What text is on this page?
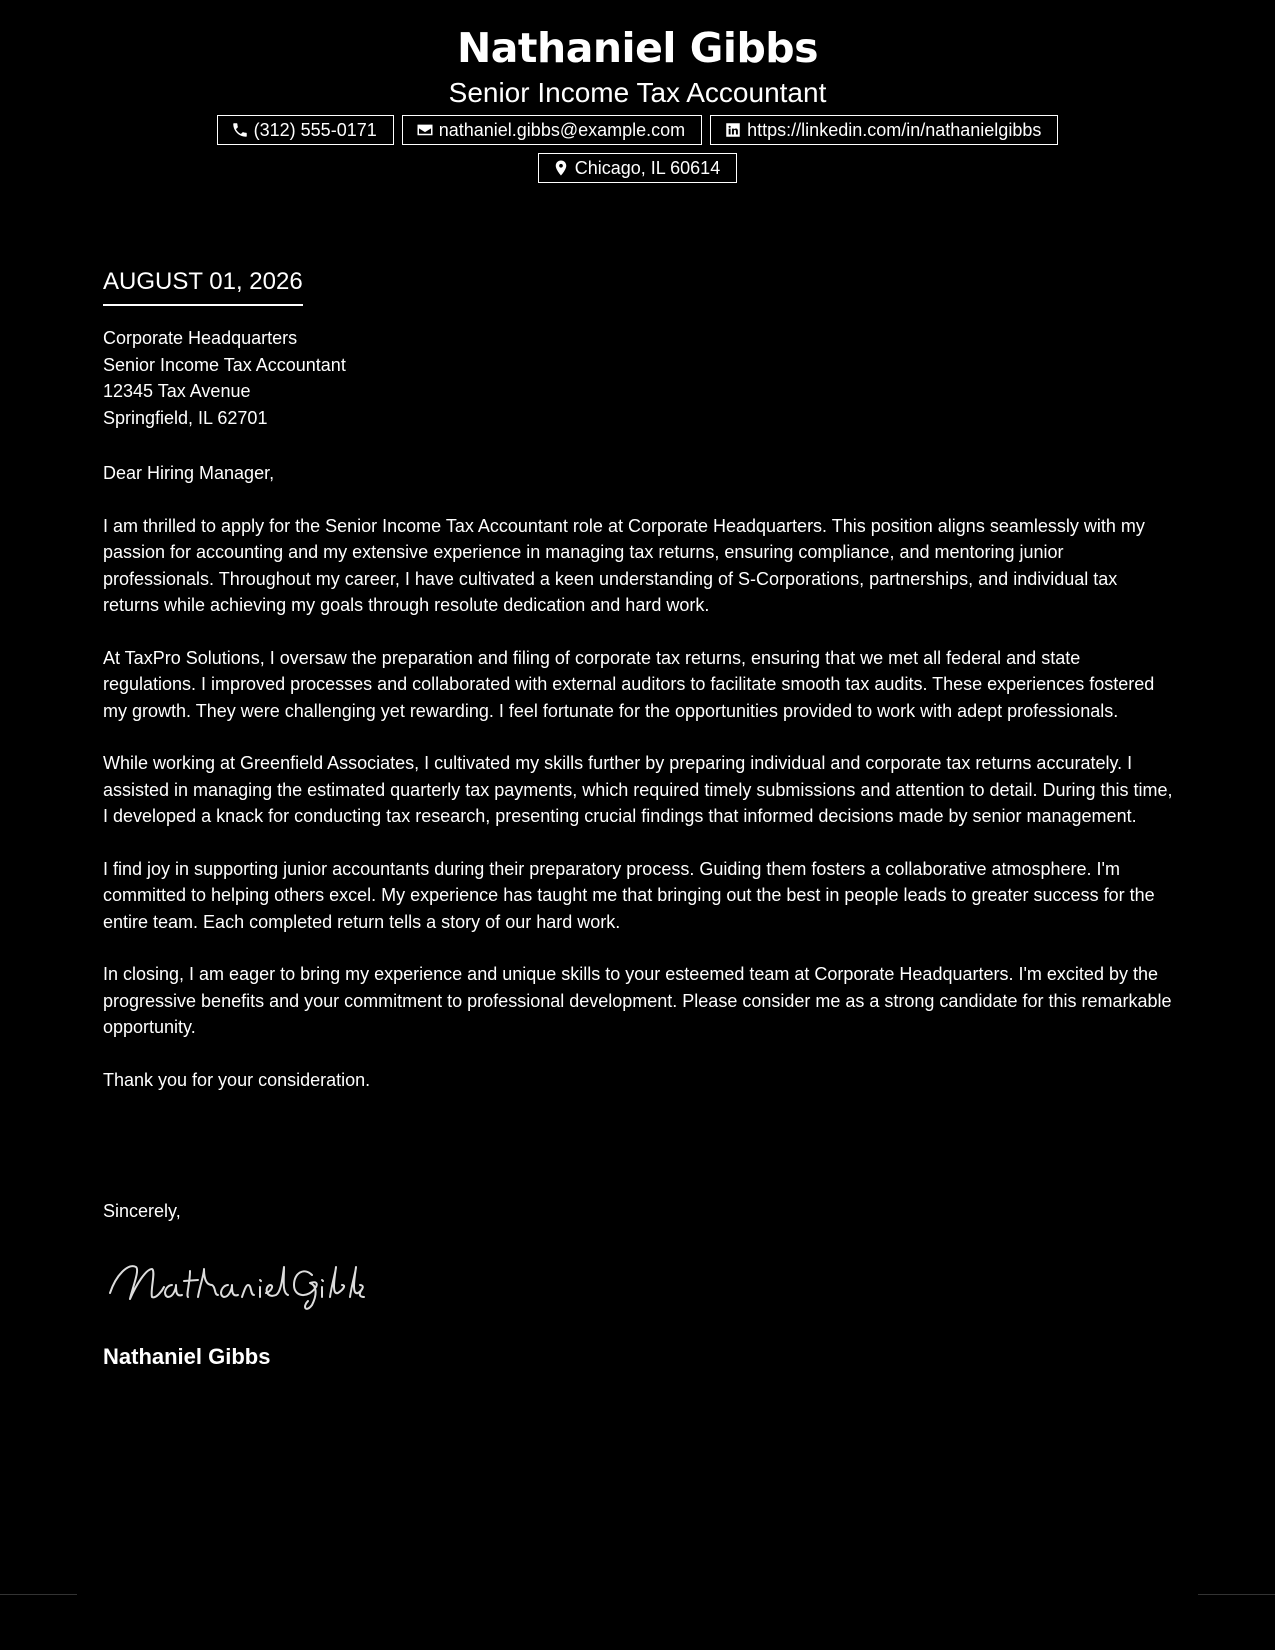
Nathaniel Gibbs
Senior Income Tax Accountant
(312) 555-0171	nathaniel.gibbs@example.com	https://linkedin.com/in/nathanielgibbs
Chicago, IL 60614
AUGUST 01, 2026
Corporate Headquarters
Senior Income Tax Accountant
12345 Tax Avenue
Springfield, IL 62701

Dear Hiring Manager,

I am thrilled to apply for the Senior Income Tax Accountant role at Corporate Headquarters. This position aligns seamlessly with my passion for accounting and my extensive experience in managing tax returns, ensuring compliance, and mentoring junior professionals. Throughout my career, I have cultivated a keen understanding of S-Corporations, partnerships, and individual tax returns while achieving my goals through resolute dedication and hard work.

At TaxPro Solutions, I oversaw the preparation and filing of corporate tax returns, ensuring that we met all federal and state regulations. I improved processes and collaborated with external auditors to facilitate smooth tax audits. These experiences fostered my growth. They were challenging yet rewarding. I feel fortunate for the opportunities provided to work with adept professionals.

While working at Greenfield Associates, I cultivated my skills further by preparing individual and corporate tax returns accurately. I assisted in managing the estimated quarterly tax payments, which required timely submissions and attention to detail. During this time, I developed a knack for conducting tax research, presenting crucial findings that informed decisions made by senior management.

I find joy in supporting junior accountants during their preparatory process. Guiding them fosters a collaborative atmosphere. I'm committed to helping others excel. My experience has taught me that bringing out the best in people leads to greater success for the entire team. Each completed return tells a story of our hard work.

In closing, I am eager to bring my experience and unique skills to your esteemed team at Corporate Headquarters. I'm excited by the progressive benefits and your commitment to professional development. Please consider me as a strong candidate for this remarkable opportunity.

Thank you for your consideration.

Sincerely,
Nathaniel Gibbs
